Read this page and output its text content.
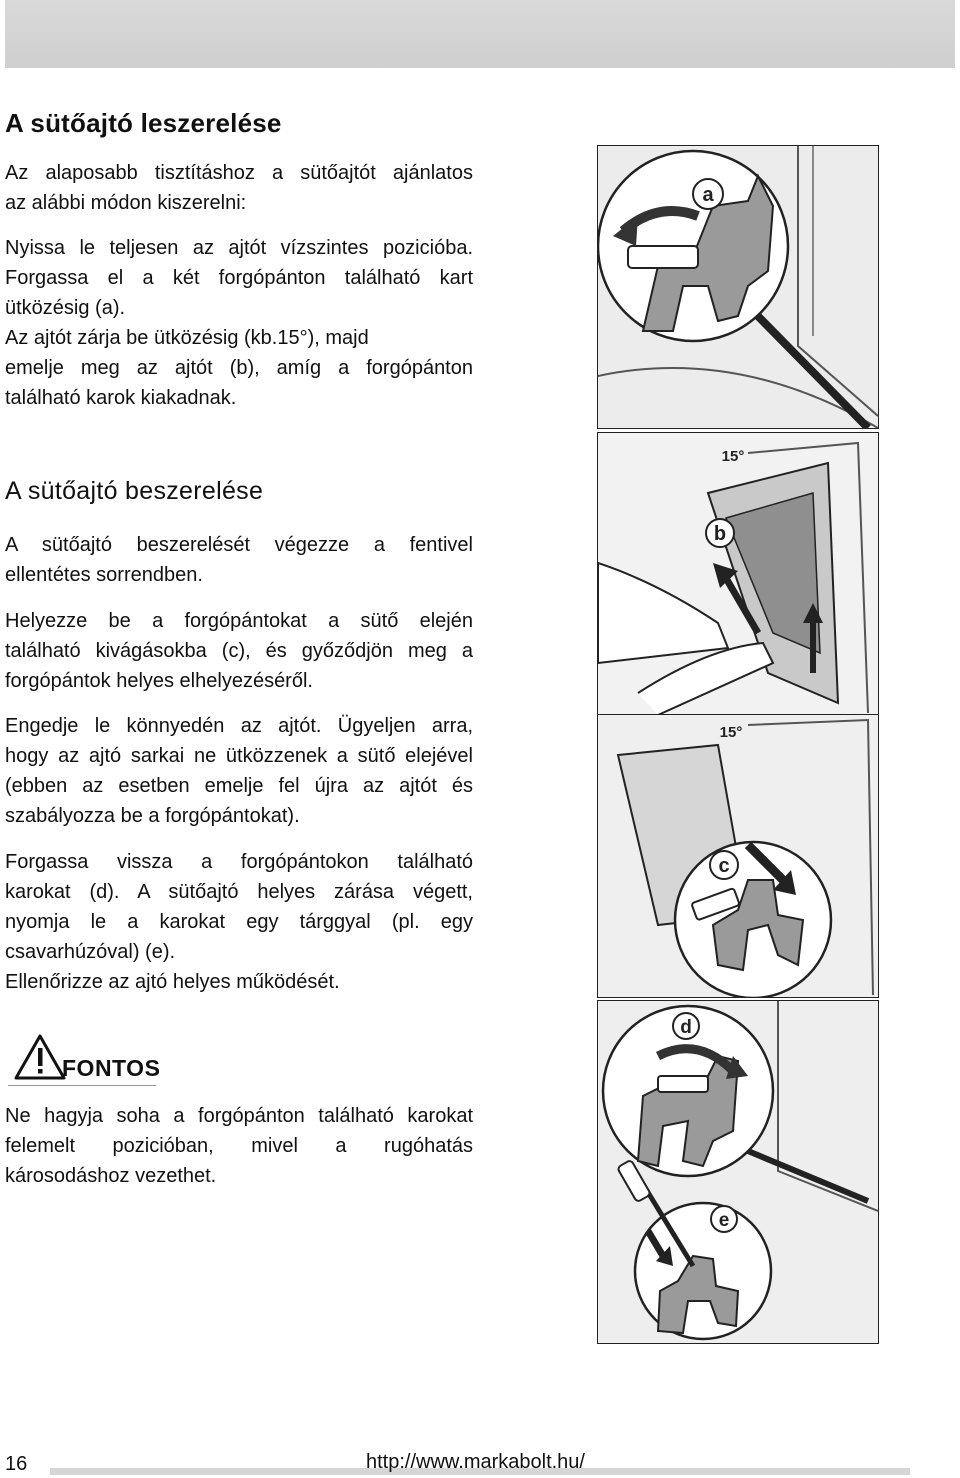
A sütőajtó leszerelése

Az alaposabb tisztításhoz a sütőajtót ajánlatos
az alábbi módon kiszerelni:

Nyissa le teljesen az ajtót vízszintes pozicióba.
Forgassa el a két forgópánton található kart
ütközésig (a).
Az ajtót zárja be ütközésig (kb.15°), majd
emelje meg az ajtót (b), amíg a forgópánton
található karok kiakadnak.

A sütőajtó beszerelése

A sütőajtó beszerelését végezze a fentivel
ellentétes sorrendben.

Helyezze be a forgópántokat a sütő elején
található kivágásokba (c), és győződjön meg a
forgópántok helyes elhelyezéséről.

Engedje le könnyedén az ajtót. Ügyeljen arra,
hogy az ajtó sarkai ne ütközzenek a sütő elejével
(ebben az esetben emelje fel újra az ajtót és
szabályozza be a forgópántokat).

Forgassa vissza a forgópántokon található
karokat (d). A sütőajtó helyes zárása végett,
nyomja le a karokat egy tárggyal (pl. egy
csavarhúzóval) (e).
Ellenőrizze az ajtó helyes működését.

FONTOS

Ne hagyja soha a forgópánton található karokat
felemelt pozicióban, mivel a rugóhatás
károsodáshoz vezethet.

a
b
15°
c
15°
d
e
16	http://www.markabolt.hu/
